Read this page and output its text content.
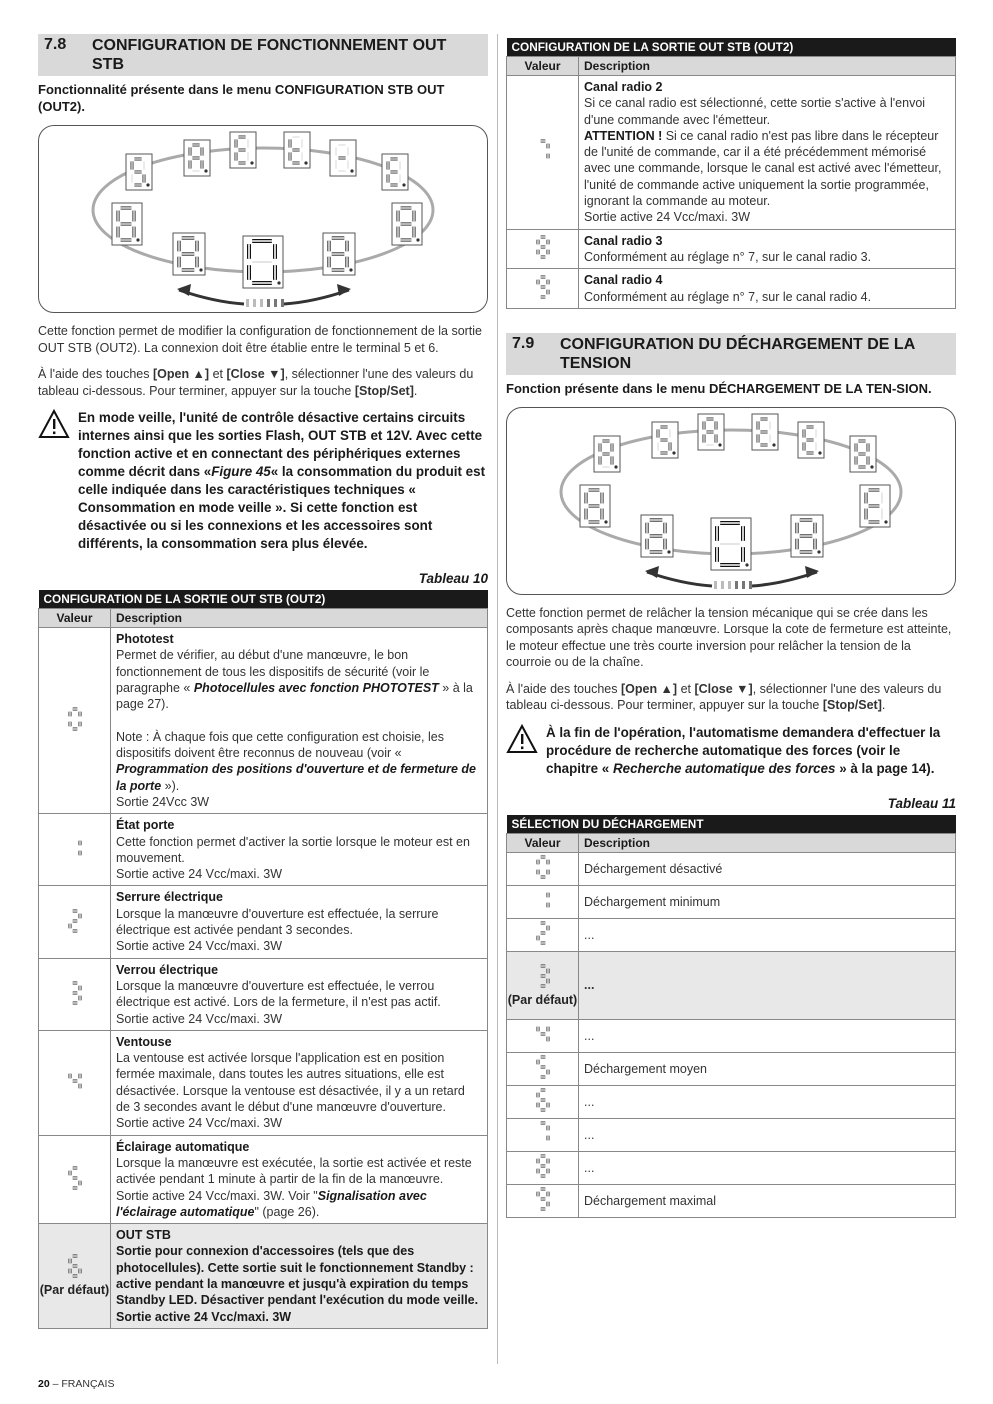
7.8	CONFIGURATION DE FONCTIONNEMENT OUT STB
Fonctionnalité présente dans le menu CONFIGURATION STB OUT (OUT2).

Cette fonction permet de modifier la configuration de fonctionnement de la sortie OUT STB (OUT2). La connexion doit être établie entre le terminal 5 et 6.

À l'aide des touches [Open ▲] et [Close ▼], sélectionner l'une des valeurs du tableau ci-dessous. Pour terminer, appuyer sur la touche [Stop/Set].

En mode veille, l'unité de contrôle désactive certains circuits internes ainsi que les sorties Flash, OUT STB et 12V. Avec cette fonction active et en connectant des périphériques externes comme décrit dans «Figure 45« la consommation du produit est celle indiquée dans les caractéristiques techniques « Consommation en mode veille ». Si cette fonction est désactivée ou si les connexions et les accessoires sont différents, la consommation sera plus élevée.
Tableau 10
CONFIGURATION DE LA SORTIE OUT STB (OUT2)	
Valeur	Description

	Phototest
Permet de vérifier, au début d'une manœuvre, le bon fonctionnement de tous les dispositifs de sécurité (voir le paragraphe « Photocellules avec fonction PHOTOTEST » à la page 27).

Note : À chaque fois que cette configuration est choisie, les dispositifs doivent être reconnus de nouveau (voir « Programmation des positions d'ouverture et de fermeture de la porte »).
Sortie 24Vcc 3W

	État porte
Cette fonction permet d'activer la sortie lorsque le moteur est en mouvement.
Sortie active 24 Vcc/maxi. 3W

	Serrure électrique
Lorsque la manœuvre d'ouverture est effectuée, la serrure électrique est activée pendant 3 secondes.
Sortie active 24 Vcc/maxi. 3W

	Verrou électrique
Lorsque la manœuvre d'ouverture est effectuée, le verrou électrique est activé. Lors de la fermeture, il n'est pas actif.
Sortie active 24 Vcc/maxi. 3W

	Ventouse
La ventouse est activée lorsque l'application est en position fermée maximale, dans toutes les autres situations, elle est désactivée. Lorsque la ventouse est désactivée, il y a un retard de 3 secondes avant le début d'une manœuvre d'ouverture.
Sortie active 24 Vcc/maxi. 3W

	Éclairage automatique
Lorsque la manœuvre est exécutée, la sortie est activée et reste activée pendant 1 minute à partir de la fin de la manœuvre.
Sortie active 24 Vcc/maxi. 3W. Voir "Signalisation avec l'éclairage automatique" (page 26).

(Par défaut)	OUT STB
Sortie pour connexion d'accessoires (tels que des photocellules). Cette sortie suit le fonctionnement Standby : active pendant la manœuvre et jusqu'à expiration du temps Standby LED. Désactiver pendant l'exécution du mode veille.
Sortie active 24 Vcc/maxi. 3W
CONFIGURATION DE LA SORTIE OUT STB (OUT2)	
Valeur	Description

	Canal radio 2
Si ce canal radio est sélectionné, cette sortie s'active à l'envoi d'une commande avec l'émetteur.
ATTENTION ! Si ce canal radio n'est pas libre dans le récepteur de l'unité de commande, car il a été précédemment mémorisé avec une commande, lorsque le canal est activé avec l'émetteur, l'unité de commande active uniquement la sortie programmée, ignorant la commande au moteur.
Sortie active 24 Vcc/maxi. 3W

	Canal radio 3
Conformément au réglage n° 7, sur le canal radio 3.

	Canal radio 4
Conformément au réglage n° 7, sur le canal radio 4.
7.9	CONFIGURATION DU DÉCHARGEMENT DE LA TENSION
Fonction présente dans le menu DÉCHARGEMENT DE LA TEN-SION.

Cette fonction permet de relâcher la tension mécanique qui se crée dans les composants après chaque manœuvre. Lorsque la cote de fermeture est atteinte, le moteur effectue une très courte inversion pour relâcher la tension de la courroie ou de la chaîne.

À l'aide des touches [Open ▲] et [Close ▼], sélectionner l'une des valeurs du tableau ci-dessous. Pour terminer, appuyer sur la touche [Stop/Set].

À la fin de l'opération, l'automatisme demandera d'effectuer la procédure de recherche automatique des forces (voir le chapitre « Recherche automatique des forces » à la page 14).
Tableau 11
SÉLECTION DU DÉCHARGEMENT	
Valeur	Description

	Déchargement désactivé

	Déchargement minimum

	...

(Par défaut)	...

	...

	Déchargement moyen

	...

	...

	...

	Déchargement maximal
20 – FRANÇAIS
